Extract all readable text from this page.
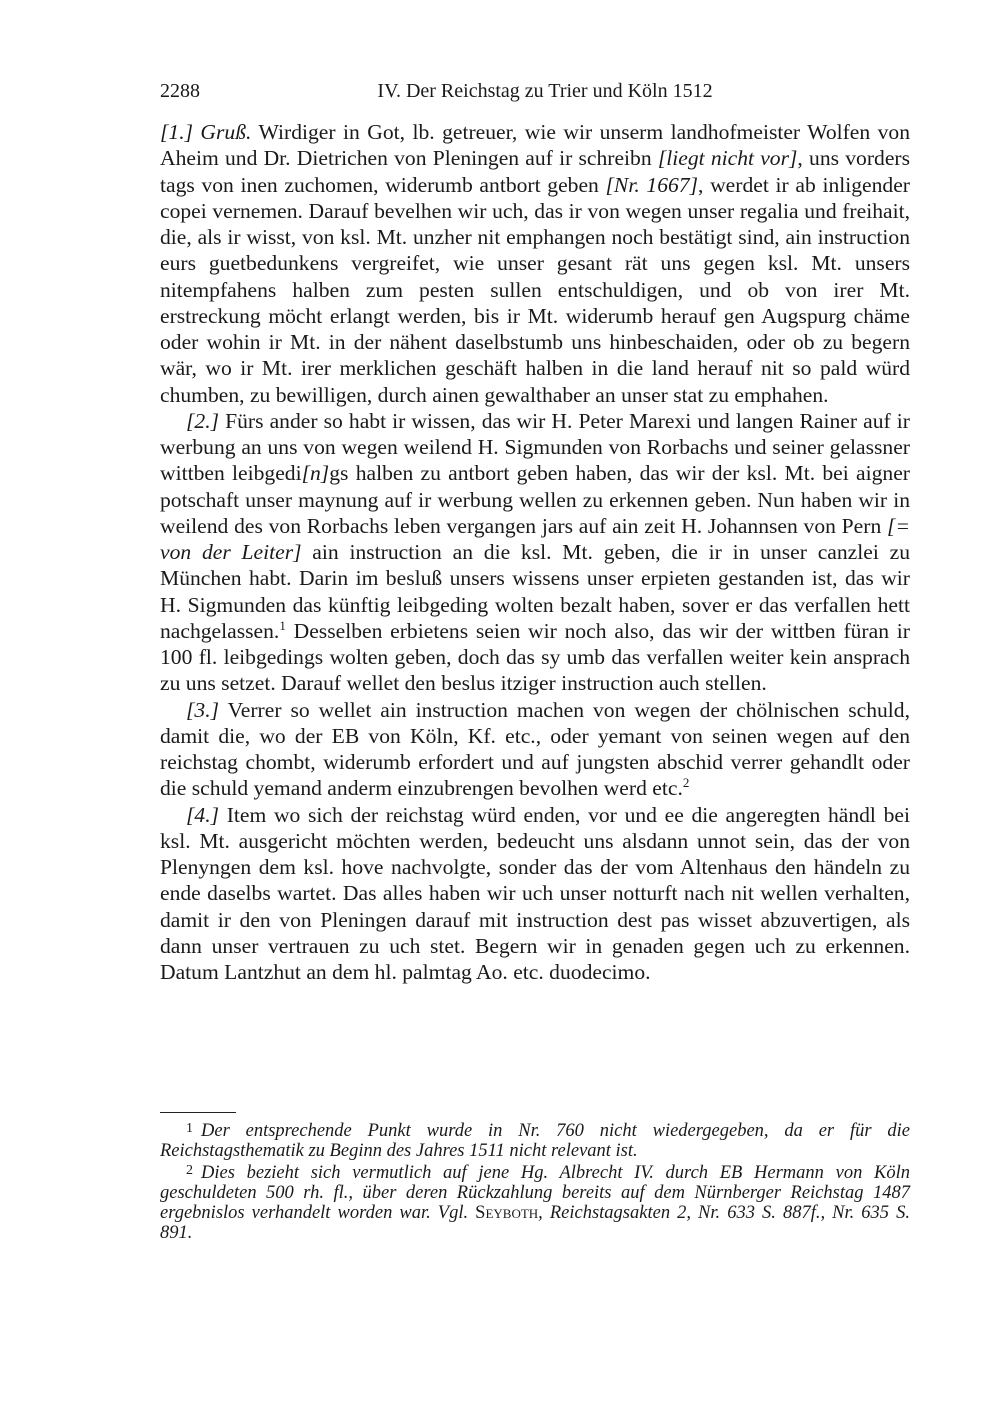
2288	IV. Der Reichstag zu Trier und Köln 1512

[1.] Gruß. Wirdiger in Got, lb. getreuer, wie wir unserm landhofmeister Wolfen von Aheim und Dr. Dietrichen von Pleningen auf ir schreibn [liegt nicht vor], uns vorders tags von inen zuchomen, widerumb antbort geben [Nr. 1667], werdet ir ab inligender copei vernemen. Darauf bevelhen wir uch, das ir von wegen unser regalia und freihait, die, als ir wisst, von ksl. Mt. unzher nit emphangen noch bestätigt sind, ain instruction eurs guetbedunkens vergreifet, wie unser gesant rät uns gegen ksl. Mt. unsers nitempfahens halben zum pesten sullen entschuldigen, und ob von irer Mt. erstreckung möcht erlangt werden, bis ir Mt. widerumb herauf gen Augspurg chäme oder wohin ir Mt. in der nähent daselbstumb uns hinbeschaiden, oder ob zu begern wär, wo ir Mt. irer merklichen geschäft halben in die land herauf nit so pald würd chumben, zu bewilligen, durch ainen gewalthaber an unser stat zu emphahen.

[2.] Fürs ander so habt ir wissen, das wir H. Peter Marexi und langen Rainer auf ir werbung an uns von wegen weilend H. Sigmunden von Rorbachs und seiner gelassner wittben leibgedi[n]gs halben zu antbort geben haben, das wir der ksl. Mt. bei aigner potschaft unser maynung auf ir werbung wellen zu erkennen geben. Nun haben wir in weilend des von Rorbachs leben vergangen jars auf ain zeit H. Johannsen von Pern [= von der Leiter] ain instruction an die ksl. Mt. geben, die ir in unser canzlei zu München habt. Darin im besluß unsers wissens unser erpieten gestanden ist, das wir H. Sigmunden das künftig leibgeding wolten bezalt haben, sover er das verfallen hett nachgelassen.$^1$ Desselben erbietens seien wir noch also, das wir der wittben füran ir 100 fl. leibgedings wolten geben, doch das sy umb das verfallen weiter kein ansprach zu uns setzet. Darauf wellet den beslus itziger instruction auch stellen.

[3.] Verrer so wellet ain instruction machen von wegen der chölnischen schuld, damit die, wo der EB von Köln, Kf. etc., oder yemant von seinen wegen auf den reichstag chombt, widerumb erfordert und auf jungsten abschid verrer gehandlt oder die schuld yemand anderm einzubrengen bevolhen werd etc.$^2$

[4.] Item wo sich der reichstag würd enden, vor und ee die angeregten händl bei ksl. Mt. ausgericht möchten werden, bedeucht uns alsdann unnot sein, das der von Plenyngen dem ksl. hove nachvolgte, sonder das der vom Altenhaus den händeln zu ende daselbs wartet. Das alles haben wir uch unser notturft nach nit wellen verhalten, damit ir den von Pleningen darauf mit instruction dest pas wisset abzuvertigen, als dann unser vertrauen zu uch stet. Begern wir in genaden gegen uch zu erkennen. Datum Lantzhut an dem hl. palmtag Ao. etc. duodecimo.

$^1$ Der entsprechende Punkt wurde in Nr. 760 nicht wiedergegeben, da er für die Reichstagsthematik zu Beginn des Jahres 1511 nicht relevant ist.

$^2$ Dies bezieht sich vermutlich auf jene Hg. Albrecht IV. durch EB Hermann von Köln geschuldeten 500 rh. fl., über deren Rückzahlung bereits auf dem Nürnberger Reichstag 1487 ergebnislos verhandelt worden war. Vgl. Seyboth, Reichstagsakten 2, Nr. 633 S. 887f., Nr. 635 S. 891.
